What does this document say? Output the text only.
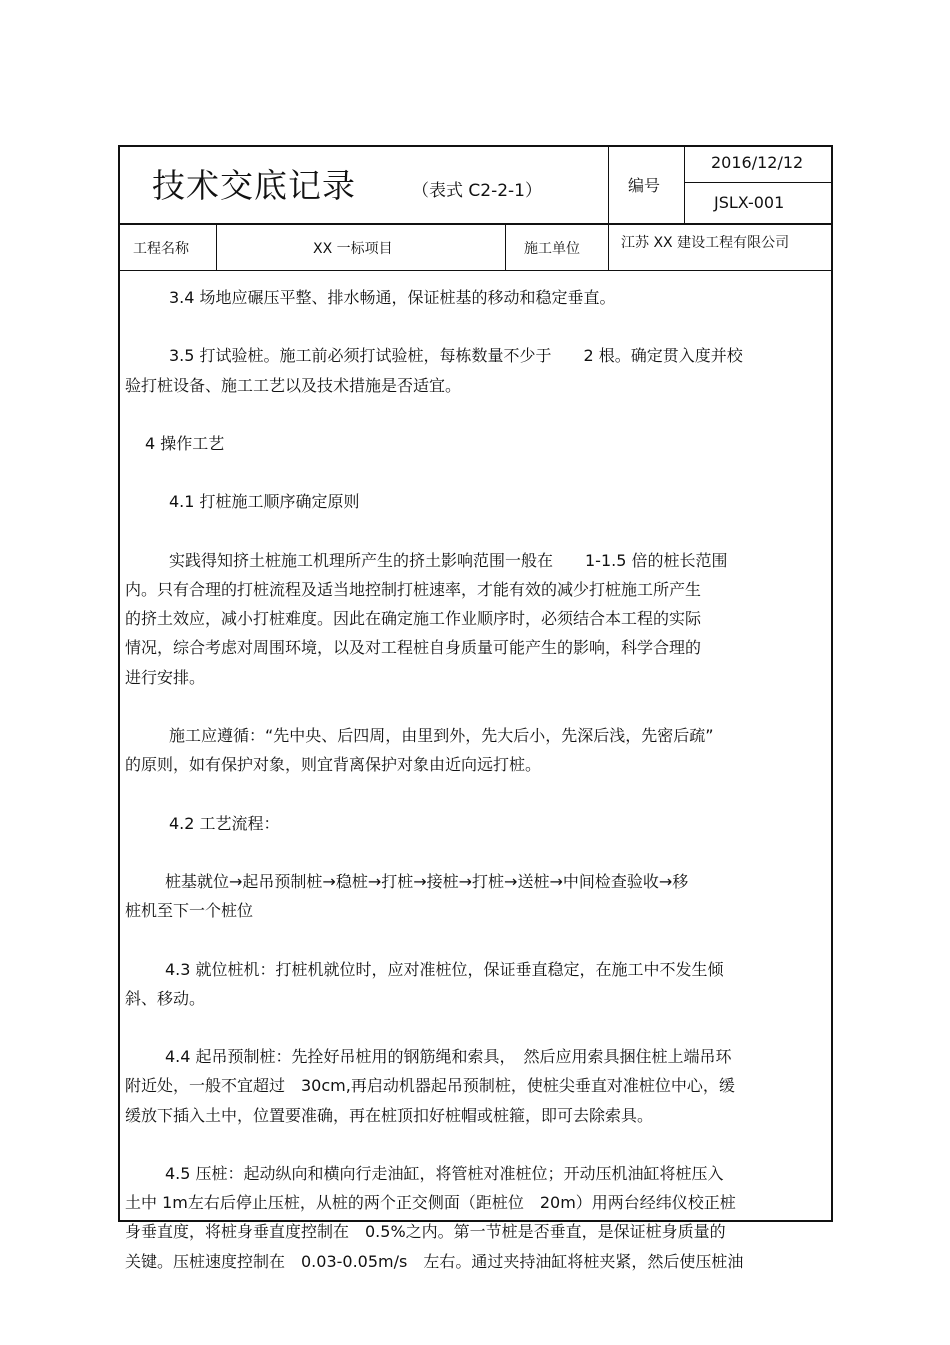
技术交底记录	（表式 C2-2-1）	编号
2016/12/12
JSLX-001
工程名称	XX 一标项目	施工单位	江苏 XX 建设工程有限公司
3.4 场地应碾压平整、排水畅通，保证桩基的移动和稳定垂直。
3.5 打试验桩。施工前必须打试验桩，每栋数量不少于　　2 根。确定贯入度并校
验打桩设备、施工工艺以及技术措施是否适宜。
4 操作工艺
4.1 打桩施工顺序确定原则
实践得知挤土桩施工机理所产生的挤土影响范围一般在　　1-1.5 倍的桩长范围
内。只有合理的打桩流程及适当地控制打桩速率，才能有效的减少打桩施工所产生
的挤土效应，减小打桩难度。因此在确定施工作业顺序时，必须结合本工程的实际
情况，综合考虑对周围环境，以及对工程桩自身质量可能产生的影响，科学合理的
进行安排。
施工应遵循：“先中央、后四周，由里到外，先大后小，先深后浅，先密后疏”
的原则，如有保护对象，则宜背离保护对象由近向远打桩。
4.2 工艺流程：
桩基就位→起吊预制桩→稳桩→打桩→接桩→打桩→送桩→中间检查验收→移
桩机至下一个桩位
4.3 就位桩机：打桩机就位时，应对准桩位，保证垂直稳定，在施工中不发生倾
斜、移动。
4.4 起吊预制桩：先拴好吊桩用的钢筋绳和索具，　然后应用索具捆住桩上端吊环
附近处，一般不宜超过　30cm,再启动机器起吊预制桩，使桩尖垂直对准桩位中心，缓
缓放下插入土中，位置要准确，再在桩顶扣好桩帽或桩箍，即可去除索具。
4.5 压桩：起动纵向和横向行走油缸，将管桩对准桩位；开动压机油缸将桩压入
土中 1m左右后停止压桩，从桩的两个正交侧面（距桩位　20m）用两台经纬仪校正桩
身垂直度，将桩身垂直度控制在　0.5%之内。第一节桩是否垂直，是保证桩身质量的
关键。压桩速度控制在　0.03-0.05m/s　左右。通过夹持油缸将桩夹紧，然后使压桩油
